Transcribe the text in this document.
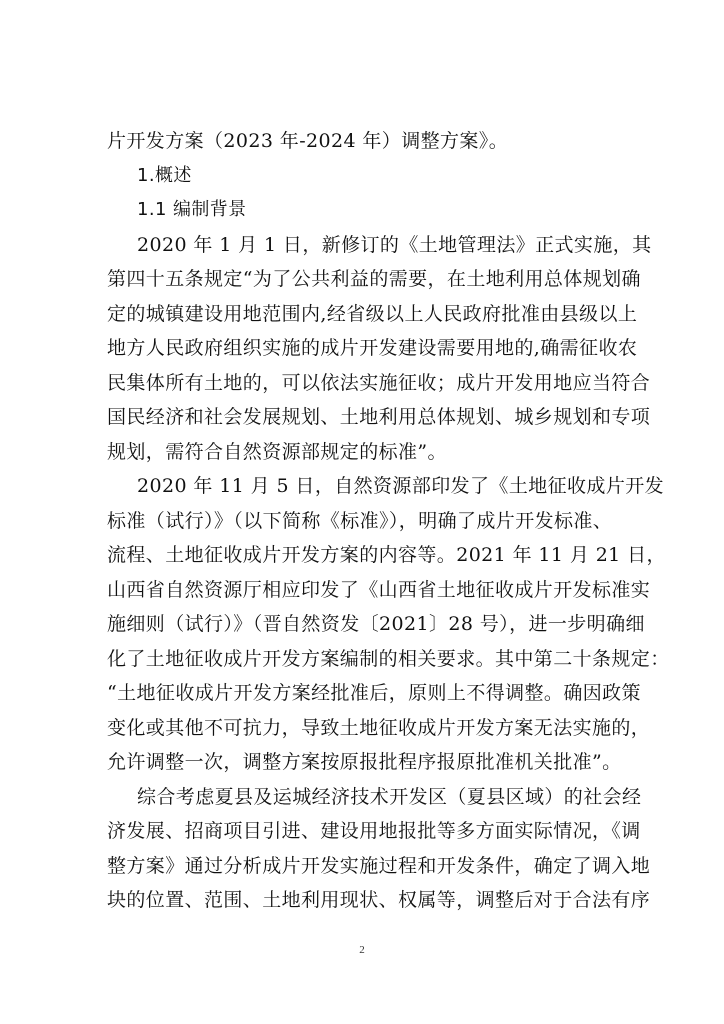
片开发方案（2023 年-2024 年）调整方案》。
1.概述
1.1 编制背景
2020 年 1 月 1 日，新修订的《土地管理法》正式实施，其
第四十五条规定“为了公共利益的需要，在土地利用总体规划确
定的城镇建设用地范围内,经省级以上人民政府批准由县级以上
地方人民政府组织实施的成片开发建设需要用地的,确需征收农
民集体所有土地的，可以依法实施征收；成片开发用地应当符合
国民经济和社会发展规划、土地利用总体规划、城乡规划和专项
规划，需符合自然资源部规定的标准”。
2020 年 11 月 5 日，自然资源部印发了《土地征收成片开发
标准（试行）》（以下简称《标准》），明确了成片开发标准、
流程、土地征收成片开发方案的内容等。2021 年 11 月 21 日，
山西省自然资源厅相应印发了《山西省土地征收成片开发标准实
施细则（试行）》（晋自然资发〔2021〕28 号），进一步明确细
化了土地征收成片开发方案编制的相关要求。其中第二十条规定：
“土地征收成片开发方案经批准后，原则上不得调整。确因政策
变化或其他不可抗力，导致土地征收成片开发方案无法实施的，
允许调整一次，调整方案按原报批程序报原批准机关批准”。
综合考虑夏县及运城经济技术开发区（夏县区域）的社会经
济发展、招商项目引进、建设用地报批等多方面实际情况，《调
整方案》通过分析成片开发实施过程和开发条件，确定了调入地
块的位置、范围、土地利用现状、权属等，调整后对于合法有序
2
